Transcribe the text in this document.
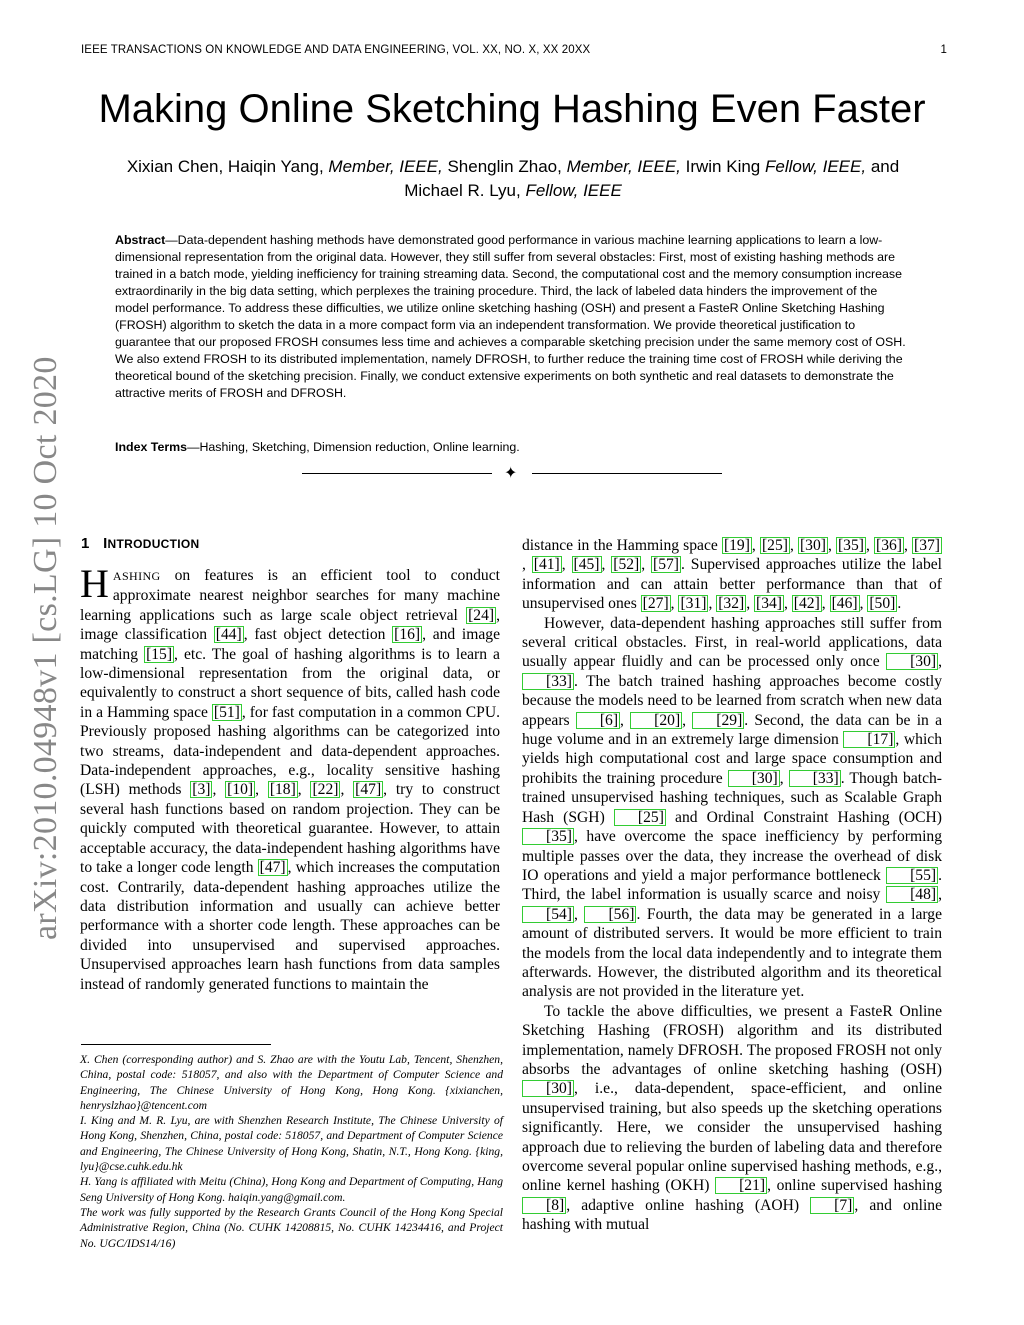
IEEE TRANSACTIONS ON KNOWLEDGE AND DATA ENGINEERING, VOL. XX, NO. X, XX 20XX	1
Making Online Sketching Hashing Even Faster
Xixian Chen, Haiqin Yang, Member, IEEE, Shenglin Zhao, Member, IEEE, Irwin King Fellow, IEEE, and
Michael R. Lyu, Fellow, IEEE
Abstract—Data-dependent hashing methods have demonstrated good performance in various machine learning applications to learn a low-dimensional representation from the original data. However, they still suffer from several obstacles: First, most of existing hashing methods are trained in a batch mode, yielding inefficiency for training streaming data. Second, the computational cost and the memory consumption increase extraordinarily in the big data setting, which perplexes the training procedure. Third, the lack of labeled data hinders the improvement of the model performance. To address these difficulties, we utilize online sketching hashing (OSH) and present a FasteR Online Sketching Hashing (FROSH) algorithm to sketch the data in a more compact form via an independent transformation. We provide theoretical justification to guarantee that our proposed FROSH consumes less time and achieves a comparable sketching precision under the same memory cost of OSH. We also extend FROSH to its distributed implementation, namely DFROSH, to further reduce the training time cost of FROSH while deriving the theoretical bound of the sketching precision. Finally, we conduct extensive experiments on both synthetic and real datasets to demonstrate the attractive merits of FROSH and DFROSH.
Index Terms—Hashing, Sketching, Dimension reduction, Online learning.
✦
arXiv:2010.04948v1 [cs.LG] 10 Oct 2020 1 INTRODUCTION

HASHING on features is an efficient tool to conduct approximate nearest neighbor searches for many machine learning applications such as large scale object retrieval [24] , image classification [44] , fast object detection [16] , and image matching [15] , etc. The goal of hashing algorithms is to learn a low-dimensional representation from the original data, or equivalently to construct a short sequence of bits, called hash code in a Hamming space [51] , for fast computation in a common CPU. Previously proposed hashing algorithms can be categorized into two streams, data-independent and data-dependent approaches. Data-independent approaches, e.g., locality sensitive hashing (LSH) methods [3] , [10] , [18] , [22] , [47] , try to construct several hash functions based on random projection. They can be quickly computed with theoretical guarantee. However, to attain acceptable accuracy, the data-independent hashing algorithms have to take a longer code length [47] , which increases the computation cost. Contrarily, data-dependent hashing approaches utilize the data distribution information and usually can achieve better performance with a shorter code length. These approaches can be divided into unsupervised and supervised approaches. Unsupervised approaches learn hash functions from data samples instead of randomly generated functions to maintain the

X. Chen (corresponding author) and S. Zhao are with the Youtu Lab, Tencent, Shenzhen, China, postal code: 518057, and also with the Department of Computer Science and Engineering, The Chinese University of Hong Kong, Hong Kong. {xixianchen, henryslzhao}@tencent.com

I. King and M. R. Lyu, are with Shenzhen Research Institute, The Chinese University of Hong Kong, Shenzhen, China, postal code: 518057, and Department of Computer Science and Engineering, The Chinese University of Hong Kong, Shatin, N.T., Hong Kong. {king, lyu}@cse.cuhk.edu.hk

H. Yang is affiliated with Meitu (China), Hong Kong and Department of Computing, Hang Seng University of Hong Kong. haiqin.yang@gmail.com.

The work was fully supported by the Research Grants Council of the Hong Kong Special Administrative Region, China (No. CUHK 14208815, No. CUHK 14234416, and Project No. UGC/IDS14/16)

distance in the Hamming space [19] , [25] , [30] , [35] , [36] , [37], [41] , [45] , [52] , [57] . Supervised approaches utilize the label information and can attain better performance than that of unsupervised ones [27] , [31] , [32] , [34] , [42] , [46] , [50] .

However, data-dependent hashing approaches still suffer from several critical obstacles. First, in real-world applications, data usually appear fluidly and can be processed only once [30] , [33] . The batch trained hashing approaches become costly because the models need to be learned from scratch when new data appears [6] , [20] , [29] . Second, the data can be in a huge volume and in an extremely large dimension [17] , which yields high computational cost and large space consumption and prohibits the training procedure [30] , [33] . Though batch-trained unsupervised hashing techniques, such as Scalable Graph Hash (SGH) [25] and Ordinal Constraint Hashing (OCH) [35] , have overcome the space inefficiency by performing multiple passes over the data, they increase the overhead of disk IO operations and yield a major performance bottleneck [55] . Third, the label information is usually scarce and noisy [48] , [54] , [56] . Fourth, the data may be generated in a large amount of distributed servers. It would be more efficient to train the models from the local data independently and to integrate them afterwards. However, the distributed algorithm and its theoretical analysis are not provided in the literature yet.

To tackle the above difficulties, we present a FasteR Online Sketching Hashing (FROSH) algorithm and its distributed implementation, namely DFROSH. The proposed FROSH not only absorbs the advantages of online sketching hashing (OSH) [30] , i.e., data-dependent, space-efficient, and online unsupervised training, but also speeds up the sketching operations significantly. Here, we consider the unsupervised hashing approach due to relieving the burden of labeling data and therefore overcome several popular online supervised hashing methods, e.g., online kernel hashing (OKH) [21] , online supervised hashing [8] , adaptive online hashing (AOH) [7] , and online hashing with mutual
